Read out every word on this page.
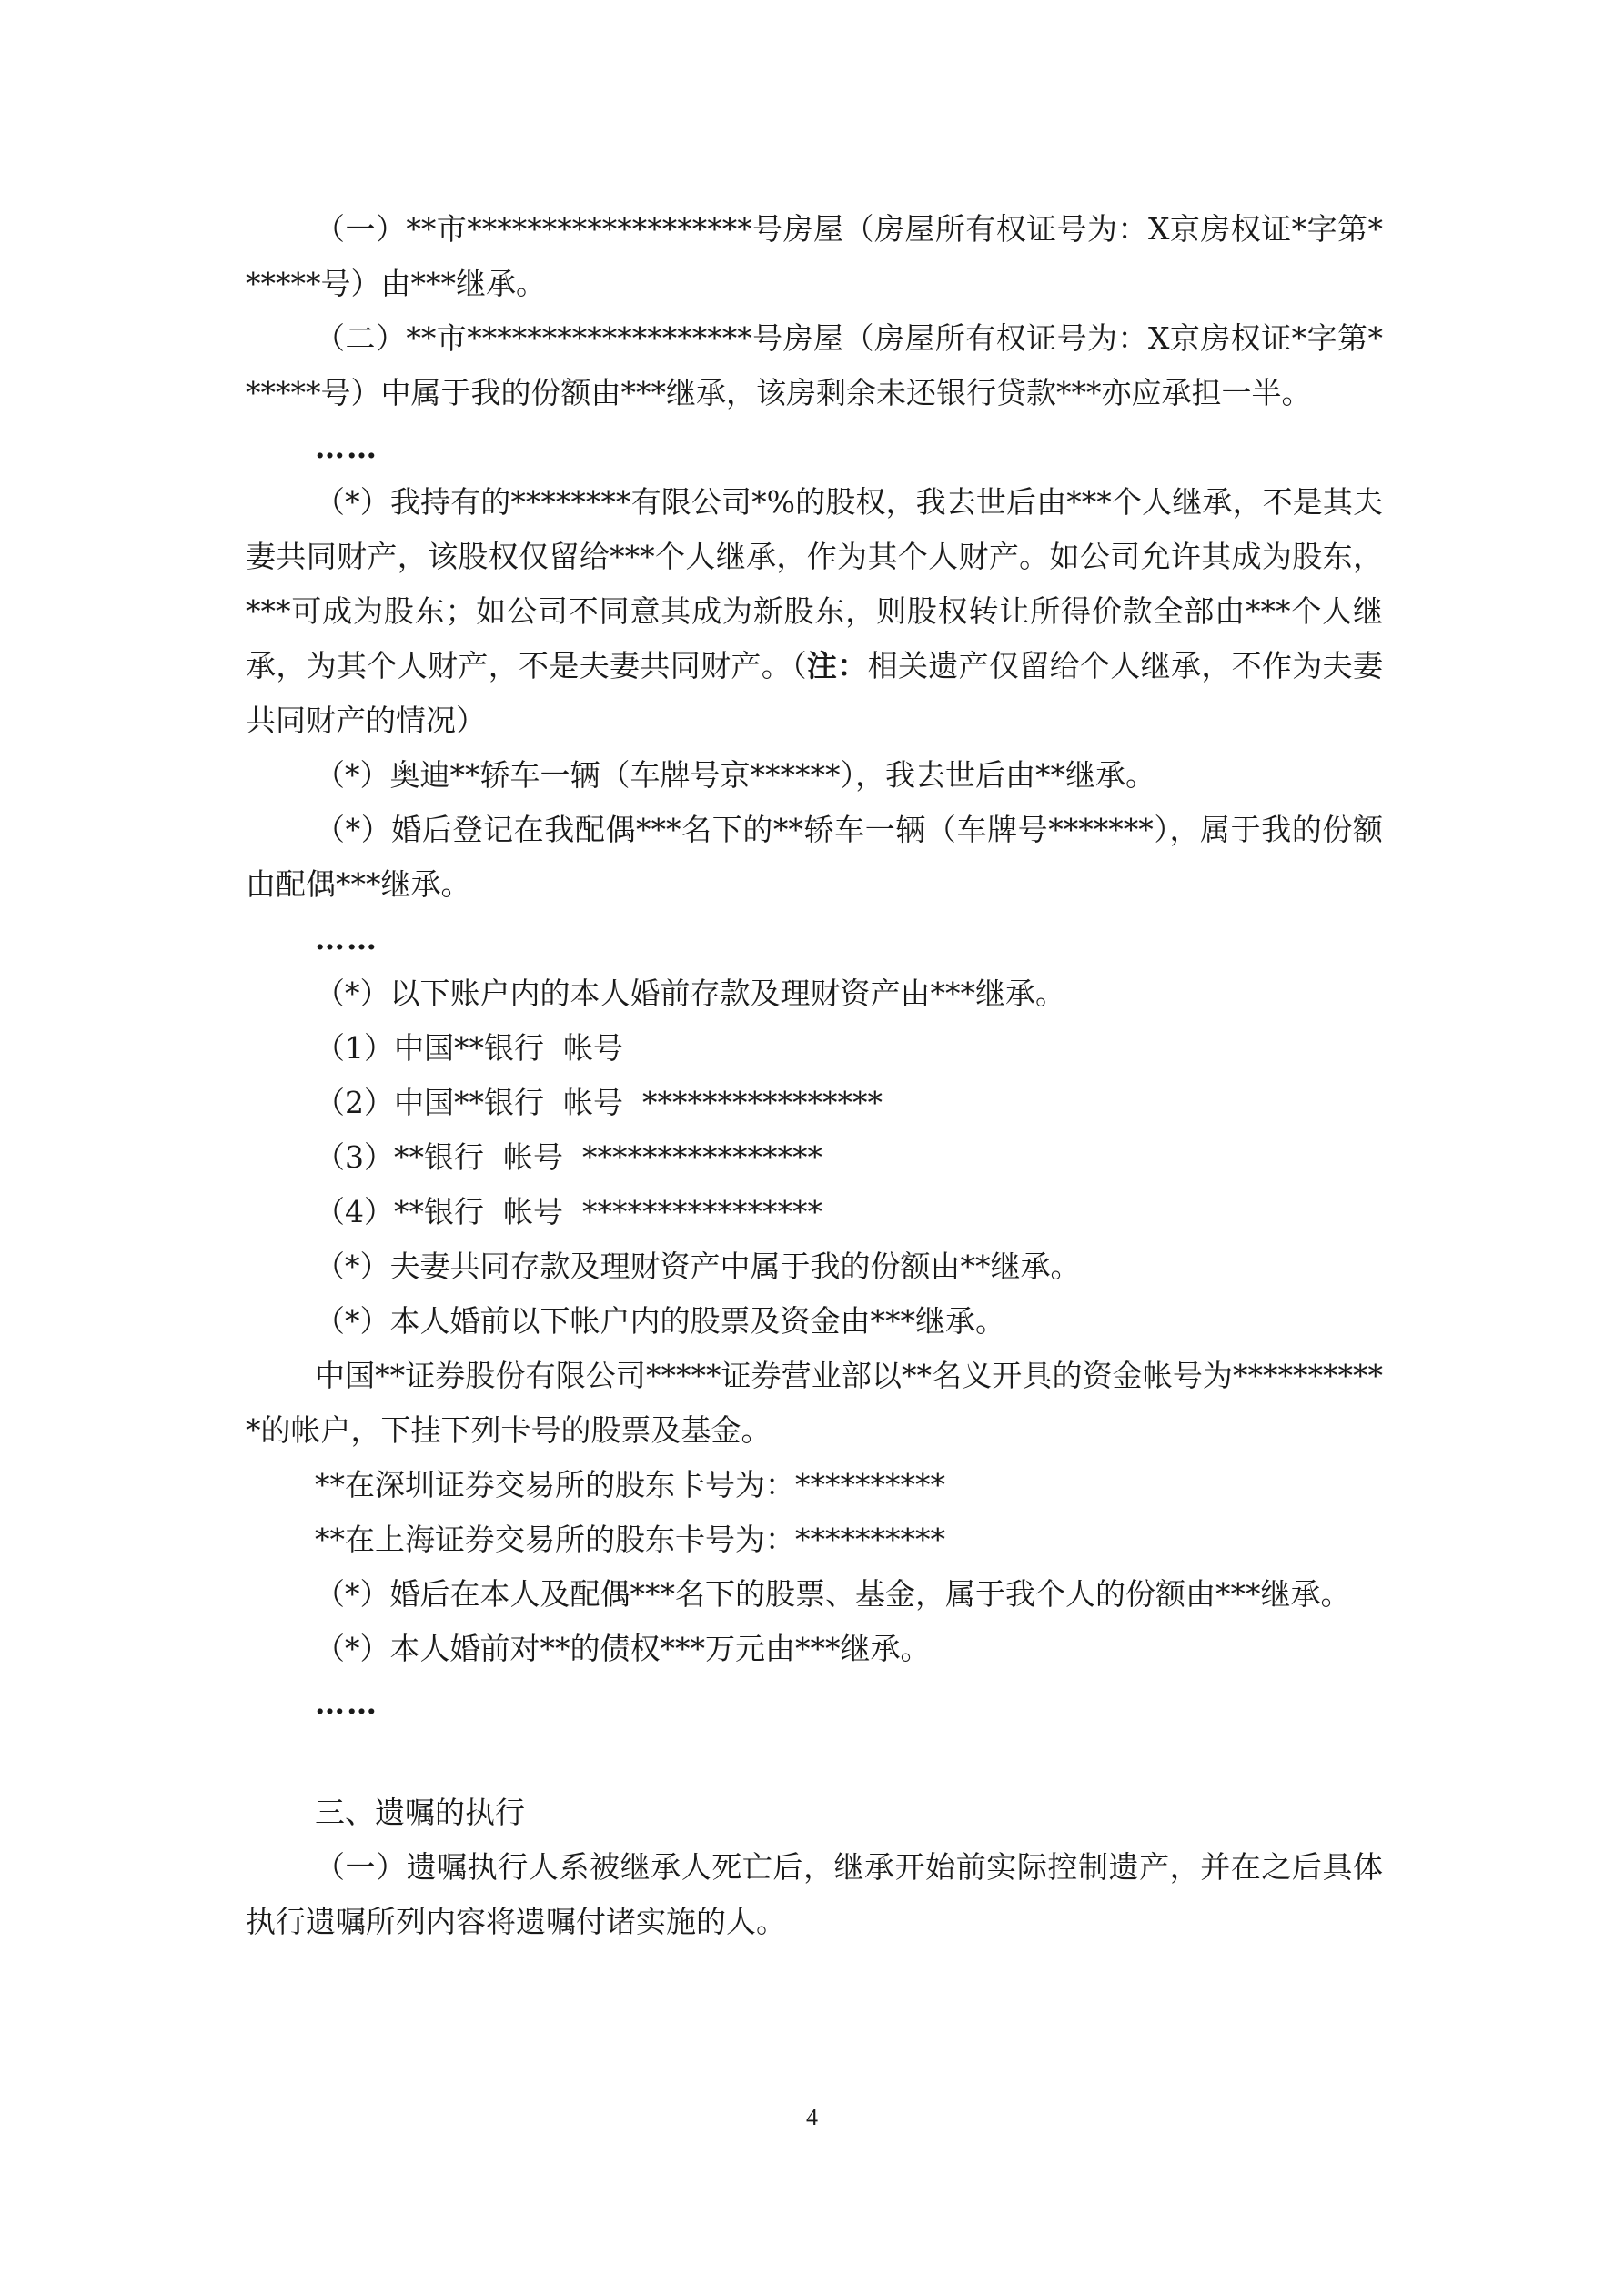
（一）**市*******************号房屋（房屋所有权证号为：X京房权证*字第******号）由***继承。

（二）**市*******************号房屋（房屋所有权证号为：X京房权证*字第******号）中属于我的份额由***继承，该房剩余未还银行贷款***亦应承担一半。

……

（*）我持有的********有限公司*%的股权，我去世后由***个人继承，不是其夫妻共同财产，该股权仅留给***个人继承，作为其个人财产。如公司允许其成为股东，***可成为股东；如公司不同意其成为新股东，则股权转让所得价款全部由***个人继承，为其个人财产，不是夫妻共同财产。（注：相关遗产仅留给个人继承，不作为夫妻共同财产的情况）

（*）奥迪**轿车一辆（车牌号京******），我去世后由**继承。

（*）婚后登记在我配偶***名下的**轿车一辆（车牌号*******），属于我的份额由配偶***继承。

……

（*）以下账户内的本人婚前存款及理财资产由***继承。

（1）中国**银行  帐号

（2）中国**银行  帐号  ****************

（3）**银行  帐号  ****************

（4）**银行  帐号  ****************

（*）夫妻共同存款及理财资产中属于我的份额由**继承。

（*）本人婚前以下帐户内的股票及资金由***继承。

中国**证券股份有限公司*****证券营业部以**名义开具的资金帐号为***********的帐户，下挂下列卡号的股票及基金。

**在深圳证券交易所的股东卡号为：**********

**在上海证券交易所的股东卡号为：**********

（*）婚后在本人及配偶***名下的股票、基金，属于我个人的份额由***继承。

（*）本人婚前对**的债权***万元由***继承。

……

三、遗嘱的执行

（一）遗嘱执行人系被继承人死亡后，继承开始前实际控制遗产，并在之后具体执行遗嘱所列内容将遗嘱付诸实施的人。

4
